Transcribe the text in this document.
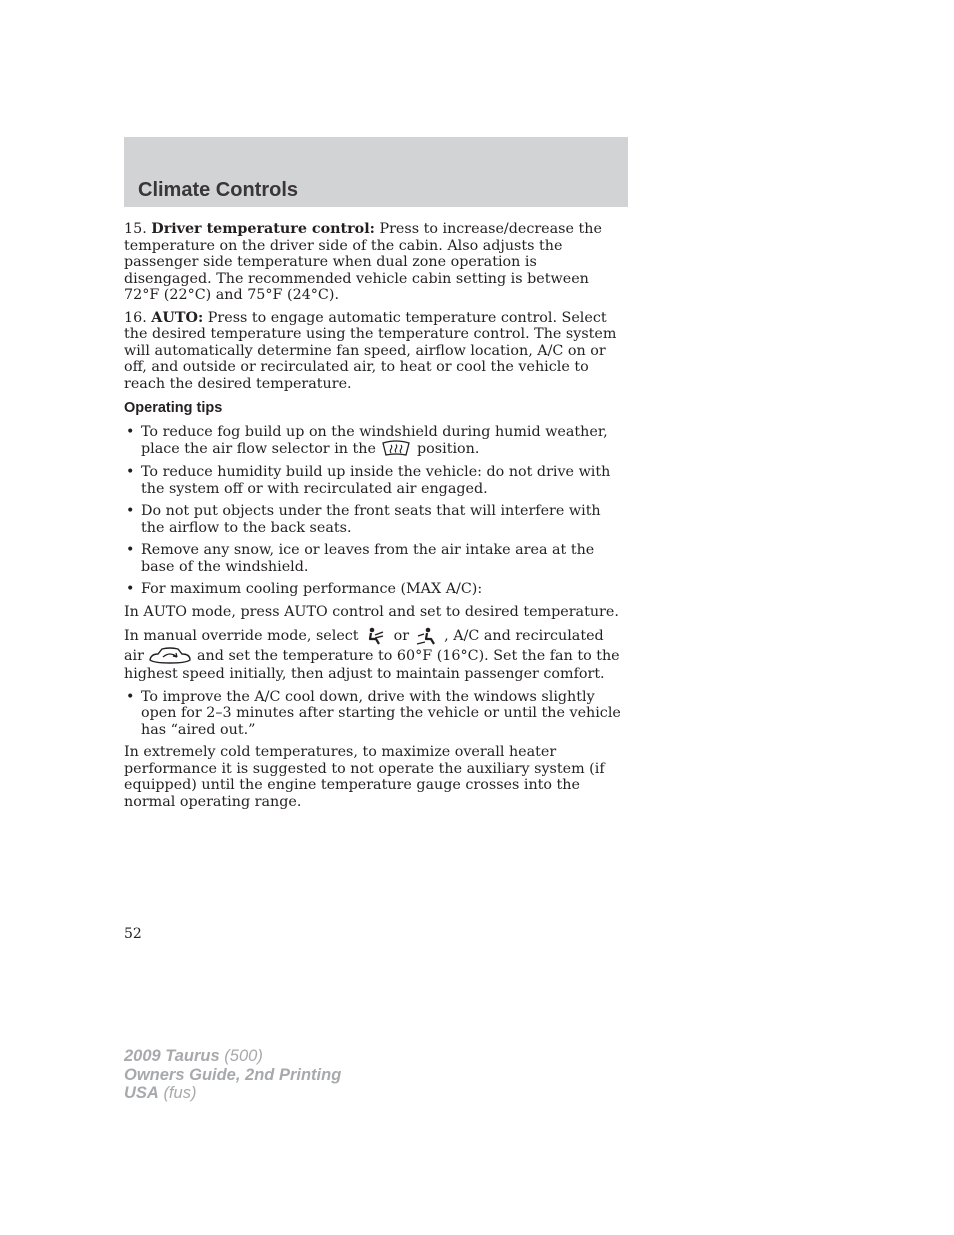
Climate Controls

15. Driver temperature control: Press to increase/decrease the temperature on the driver side of the cabin. Also adjusts the passenger side temperature when dual zone operation is disengaged. The recommended vehicle cabin setting is between 72°F (22°C) and 75°F (24°C).

16. AUTO: Press to engage automatic temperature control. Select the desired temperature using the temperature control. The system will automatically determine fan speed, airflow location, A/C on or off, and outside or recirculated air, to heat or cool the vehicle to reach the desired temperature.

Operating tips
• To reduce fog build up on the windshield during humid weather, place the air flow selector in the	position.
• To reduce humidity build up inside the vehicle: do not drive with the system off or with recirculated air engaged.
• Do not put objects under the front seats that will interfere with the airflow to the back seats.
• Remove any snow, ice or leaves from the air intake area at the base of the windshield.
• For maximum cooling performance (MAX A/C):

In AUTO mode, press AUTO control and set to desired temperature.

In manual override mode, select or , A/C and recirculated air	and set the temperature to 60°F (16°C). Set the fan to the highest speed initially, then adjust to maintain passenger comfort.

• To improve the A/C cool down, drive with the windows slightly open for 2–3 minutes after starting the vehicle or until the vehicle has “aired out.”

In extremely cold temperatures, to maximize overall heater performance it is suggested to not operate the auxiliary system (if equipped) until the engine temperature gauge crosses into the normal operating range.

52
2009 Taurus (500)
Owners Guide, 2nd Printing
USA (fus)
